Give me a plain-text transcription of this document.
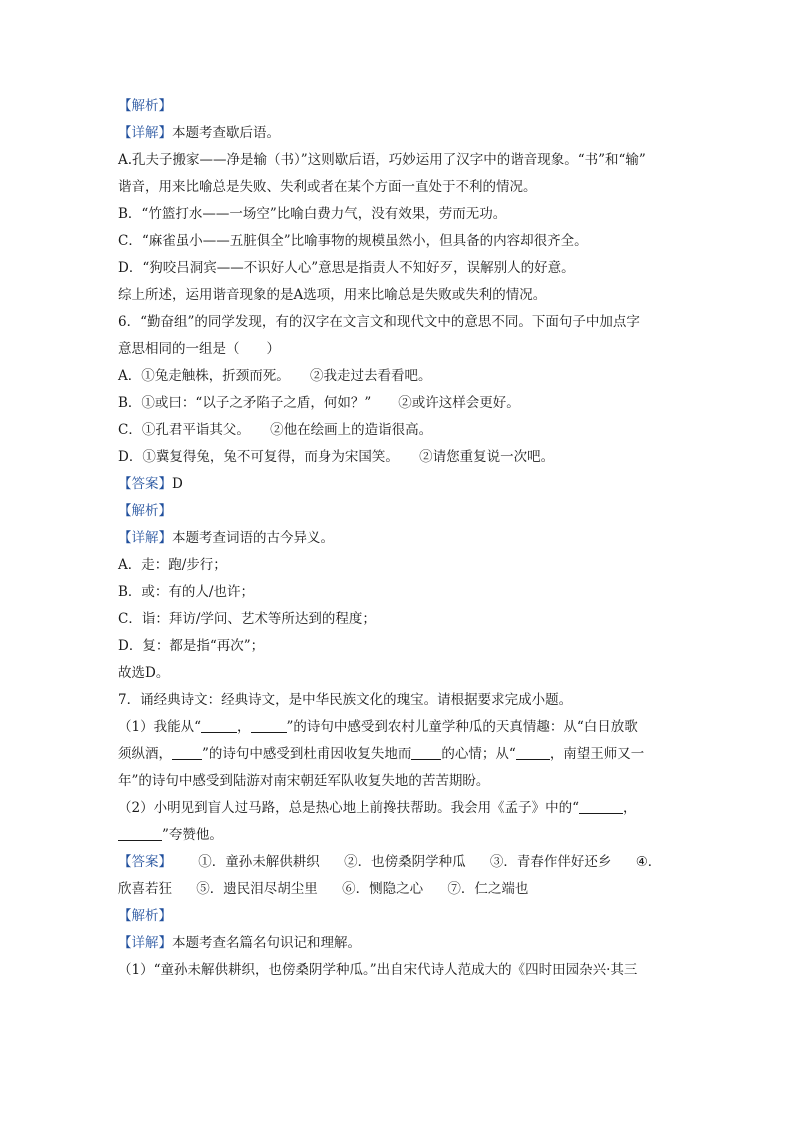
【解析】
【详解】本题考查歇后语。
A.孔夫子搬家——净是输（书）”这则歇后语，巧妙运用了汉字中的谐音现象。“书”和“输”
谐音，用来比喻总是失败、失利或者在某个方面一直处于不利的情况。
B．“竹篮打水——一场空”比喻白费力气，没有效果，劳而无功。
C．“麻雀虽小——五脏俱全”比喻事物的规模虽然小，但具备的内容却很齐全。
D．“狗咬吕洞宾——不识好人心”意思是指责人不知好歹，误解别人的好意。
综上所述，运用谐音现象的是A选项，用来比喻总是失败或失利的情况。
6．“勤奋组”的同学发现，有的汉字在文言文和现代文中的意思不同。下面句子中加点字
意思相同的一组是（　　）
A．①兔走触株，折颈而死。　　②我走过去看看吧。
B．①或曰：“以子之矛陷子之盾，何如？”　　②或许这样会更好。
C．①孔君平诣其父。　　②他在绘画上的造诣很高。
D．①冀复得兔，兔不可复得，而身为宋国笑。　　②请您重复说一次吧。
【答案】D
【解析】
【详解】本题考查词语的古今异义。
A．走：跑/步行；
B．或：有的人/也许；
C．诣：拜访/学问、艺术等所达到的程度；
D．复：都是指“再次”；
故选D。
7．诵经典诗文：经典诗文，是中华民族文化的瑰宝。请根据要求完成小题。
（1）我能从“	，	”的诗句中感受到农村儿童学种瓜的天真情趣：从“白日放歌
须纵酒， ”的诗句中感受到杜甫因收复失地而 的心情；从“	，南望王师又一
年”的诗句中感受到陆游对南宋朝廷军队收复失地的苦苦期盼。
（2）小明见到盲人过马路，总是热心地上前搀扶帮助。我会用《孟子》中的“	，
”夸赞他。
【答案】 ①．童孙未解供耕织 ②．也傍桑阴学种瓜 ③．青春作伴好还乡 ④．
欣喜若狂 ⑤．遗民泪尽胡尘里 ⑥．恻隐之心 ⑦．仁之端也
【解析】
【详解】本题考查名篇名句识记和理解。
（1）“童孙未解供耕织，也傍桑阴学种瓜。”出自宋代诗人范成大的《四时田园杂兴·其三
